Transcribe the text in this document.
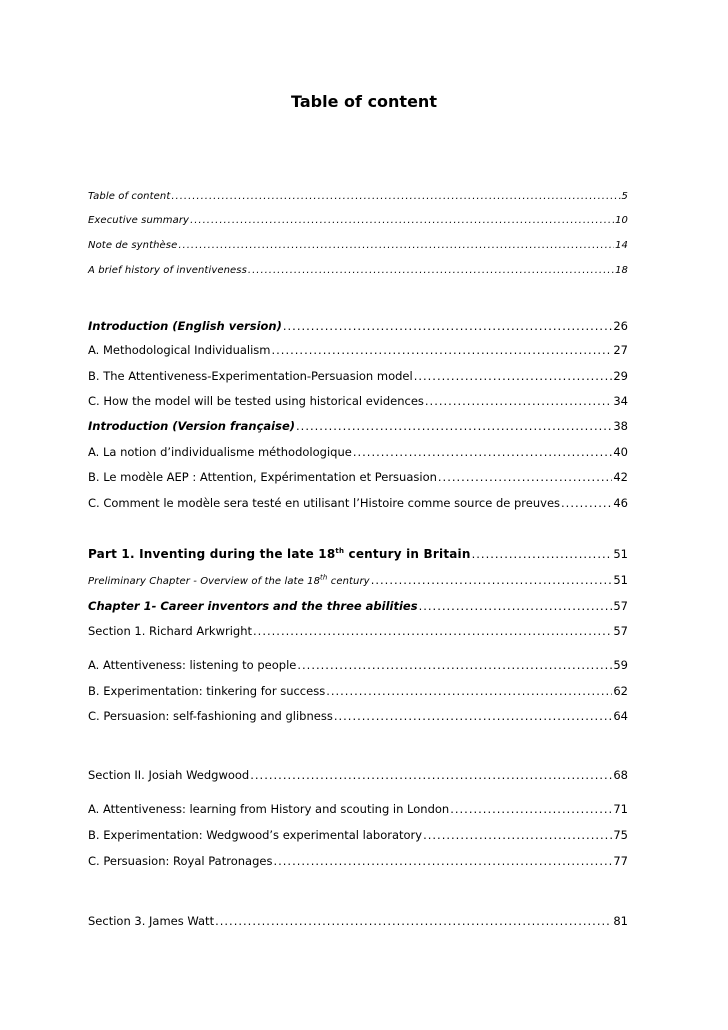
Table of content
Table of content .....	5
Executive summary .....	10
Note de synthèse .....	14
A brief history of inventiveness .....	18
Introduction (English version) .....	26
A. Methodological Individualism .....	27
B. The Attentiveness-Experimentation-Persuasion model .....	29
C. How the model will be tested using historical evidences .....	34
Introduction (Version française) .....	38
A. La notion d’individualisme méthodologique .....	40
B. Le modèle AEP : Attention, Expérimentation et Persuasion .....	42
C. Comment le modèle sera testé en utilisant l’Histoire comme source de preuves .....	46
Part 1. Inventing during the late 18th century in Britain .....	51
Preliminary Chapter - Overview of the late 18th century .....	51
Chapter 1- Career inventors and the three abilities .....	57
Section 1. Richard Arkwright .....	57
A. Attentiveness: listening to people .....	59
B. Experimentation: tinkering for success .....	62
C. Persuasion: self-fashioning and glibness .....	64
Section II. Josiah Wedgwood .....	68
A. Attentiveness: learning from History and scouting in London .....	71
B. Experimentation: Wedgwood’s experimental laboratory .....	75
C. Persuasion: Royal Patronages .....	77
Section 3. James Watt .....	81
